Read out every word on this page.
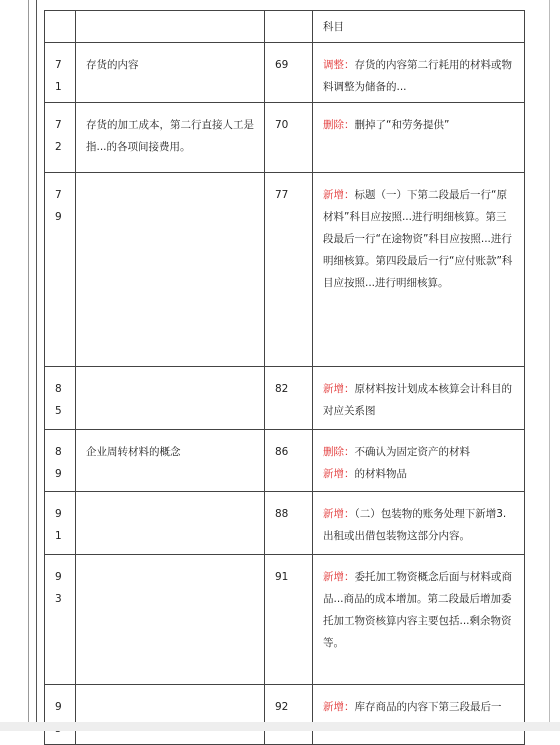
			科目
71	存货的内容	69	调整：存货的内容第二行耗用的材料或物料调整为储备的...
72	存货的加工成本，第二行直接人工是指...的各项间接费用。	70	删除：删掉了“和劳务提供”
79		77	新增：标题（一）下第二段最后一行“原材料”科目应按照...进行明细核算。第三段最后一行“在途物资”科目应按照...进行明细核算。第四段最后一行“应付账款”科目应按照...进行明细核算。
85		82	新增：原材料按计划成本核算会计科目的对应关系图
89	企业周转材料的概念	86	删除：不确认为固定资产的材料
新增：的材料物品

91		88	新增：（二）包装物的账务处理下新增3.出租或出借包装物这部分内容。
93		91	新增：委托加工物资概念后面与材料或商品...商品的成本增加。第二段最后增加委托加工物资核算内容主要包括...剩余物资等。
9		92	新增：库存商品的内容下第三段最后一
